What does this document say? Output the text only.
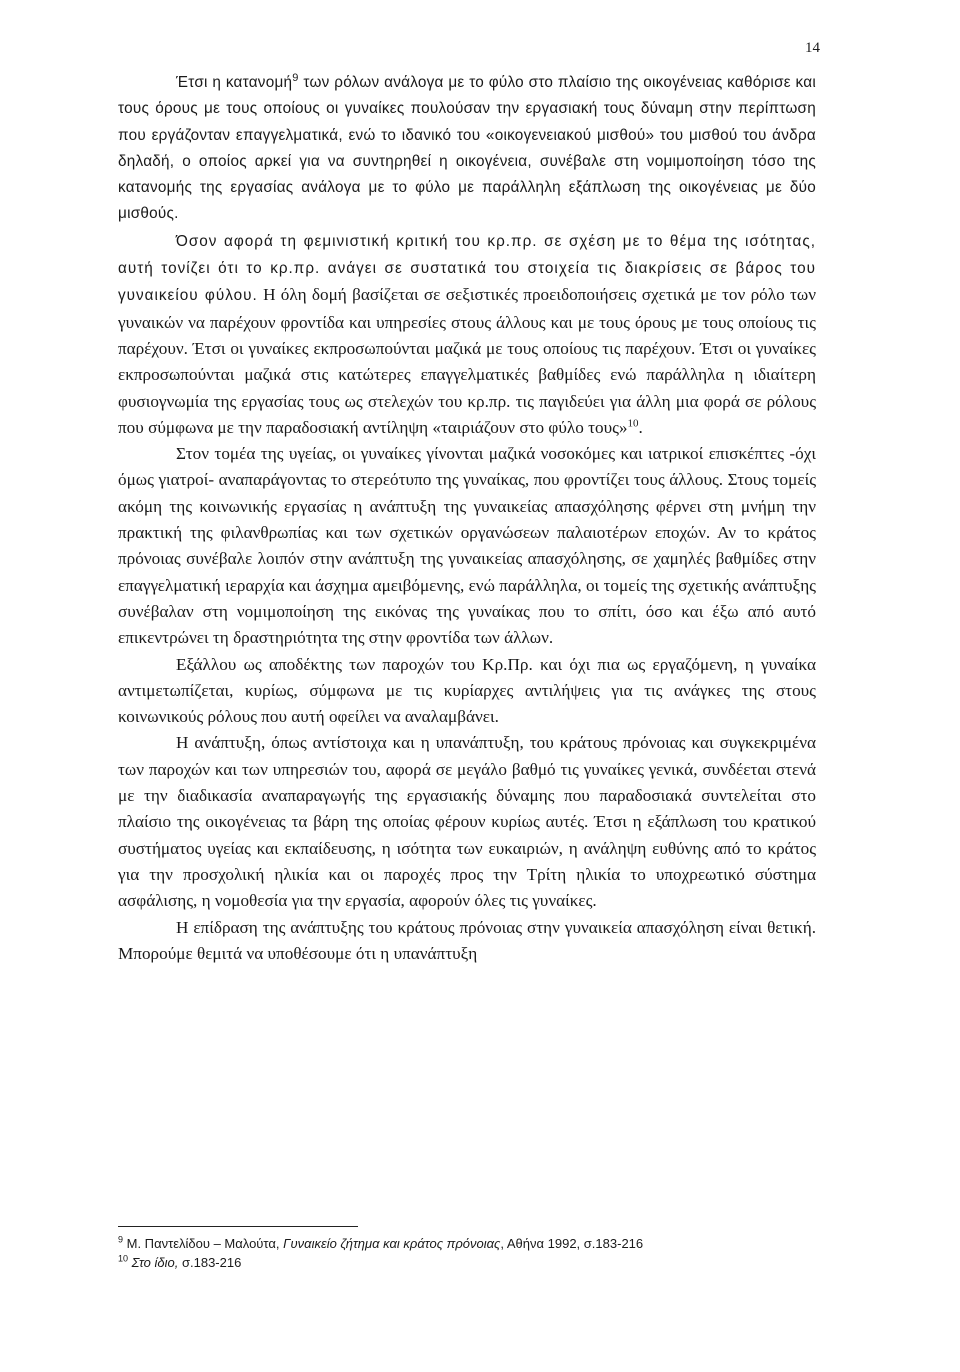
14

Έτσι η κατανομή$^9$ των ρόλων ανάλογα με το φύλο στο πλαίσιο της οικογένειας καθόρισε και τους όρους με τους οποίους οι γυναίκες πουλούσαν την εργασιακή τους δύναμη στην περίπτωση που εργάζονταν επαγγελματικά, ενώ το ιδανικό του «οικογενειακού μισθού» του μισθού του άνδρα δηλαδή, ο οποίος αρκεί για να συντηρηθεί η οικογένεια, συνέβαλε στη νομιμοποίηση τόσο της κατανομής της εργασίας ανάλογα με το φύλο με παράλληλη εξάπλωση της οικογένειας με δύο μισθούς.

Όσον αφορά τη φεμινιστική κριτική του κρ.πρ. σε σχέση με το θέμα της ισότητας, αυτή τονίζει ότι το κρ.πρ. ανάγει σε συστατικά του στοιχεία τις διακρίσεις σε βάρος του γυναικείου φύλου. Η όλη δομή βασίζεται σε σεξιστικές προειδοποιήσεις σχετικά με τον ρόλο των γυναικών να παρέχουν φροντίδα και υπηρεσίες στους άλλους και με τους όρους με τους οποίους τις παρέχουν. Έτσι οι γυναίκες εκπροσωπούνται μαζικά με τους οποίους τις παρέχουν. Έτσι οι γυναίκες εκπροσωπούνται μαζικά στις κατώτερες επαγγελματικές βαθμίδες ενώ παράλληλα η ιδιαίτερη φυσιογνωμία της εργασίας τους ως στελεχών του κρ.πρ. τις παγιδεύει για άλλη μια φορά σε ρόλους που σύμφωνα με την παραδοσιακή αντίληψη «ταιριάζουν στο φύλο τους»$^{10}$.

Στον τομέα της υγείας, οι γυναίκες γίνονται μαζικά νοσοκόμες και ιατρικοί επισκέπτες -όχι όμως γιατροί- αναπαράγοντας το στερεότυπο της γυναίκας, που φροντίζει τους άλλους. Στους τομείς ακόμη της κοινωνικής εργασίας η ανάπτυξη της γυναικείας απασχόλησης φέρνει στη μνήμη την πρακτική της φιλανθρωπίας και των σχετικών οργανώσεων παλαιοτέρων εποχών. Αν το κράτος πρόνοιας συνέβαλε λοιπόν στην ανάπτυξη της γυναικείας απασχόλησης, σε χαμηλές βαθμίδες στην επαγγελματική ιεραρχία και άσχημα αμειβόμενης, ενώ παράλληλα, οι τομείς της σχετικής ανάπτυξης συνέβαλαν στη νομιμοποίηση της εικόνας της γυναίκας που το σπίτι, όσο και έξω από αυτό επικεντρώνει τη δραστηριότητα της στην φροντίδα των άλλων.

Εξάλλου ως αποδέκτης των παροχών του Κρ.Πρ. και όχι πια ως εργαζόμενη, η γυναίκα αντιμετωπίζεται, κυρίως, σύμφωνα με τις κυρίαρχες αντιλήψεις για τις ανάγκες της στους κοινωνικούς ρόλους που αυτή οφείλει να αναλαμβάνει.

Η ανάπτυξη, όπως αντίστοιχα και η υπανάπτυξη, του κράτους πρόνοιας και συγκεκριμένα των παροχών και των υπηρεσιών του, αφορά σε μεγάλο βαθμό τις γυναίκες γενικά, συνδέεται στενά με την διαδικασία αναπαραγωγής της εργασιακής δύναμης που παραδοσιακά συντελείται στο πλαίσιο της οικογένειας τα βάρη της οποίας φέρουν κυρίως αυτές. Έτσι η εξάπλωση του κρατικού συστήματος υγείας και εκπαίδευσης, η ισότητα των ευκαιριών, η ανάληψη ευθύνης από το κράτος για την προσχολική ηλικία και οι παροχές προς την Τρίτη ηλικία το υποχρεωτικό σύστημα ασφάλισης, η νομοθεσία για την εργασία, αφορούν όλες τις γυναίκες.

Η επίδραση της ανάπτυξης του κράτους πρόνοιας στην γυναικεία απασχόληση είναι θετική. Μπορούμε θεμιτά να υποθέσουμε ότι η υπανάπτυξη

$^9$ Μ. Παντελίδου – Μαλούτα, Γυναικείο ζήτημα και κράτος πρόνοιας, Αθήνα 1992, σ.183-216

$^{10}$ Στο ίδιο, σ.183-216
